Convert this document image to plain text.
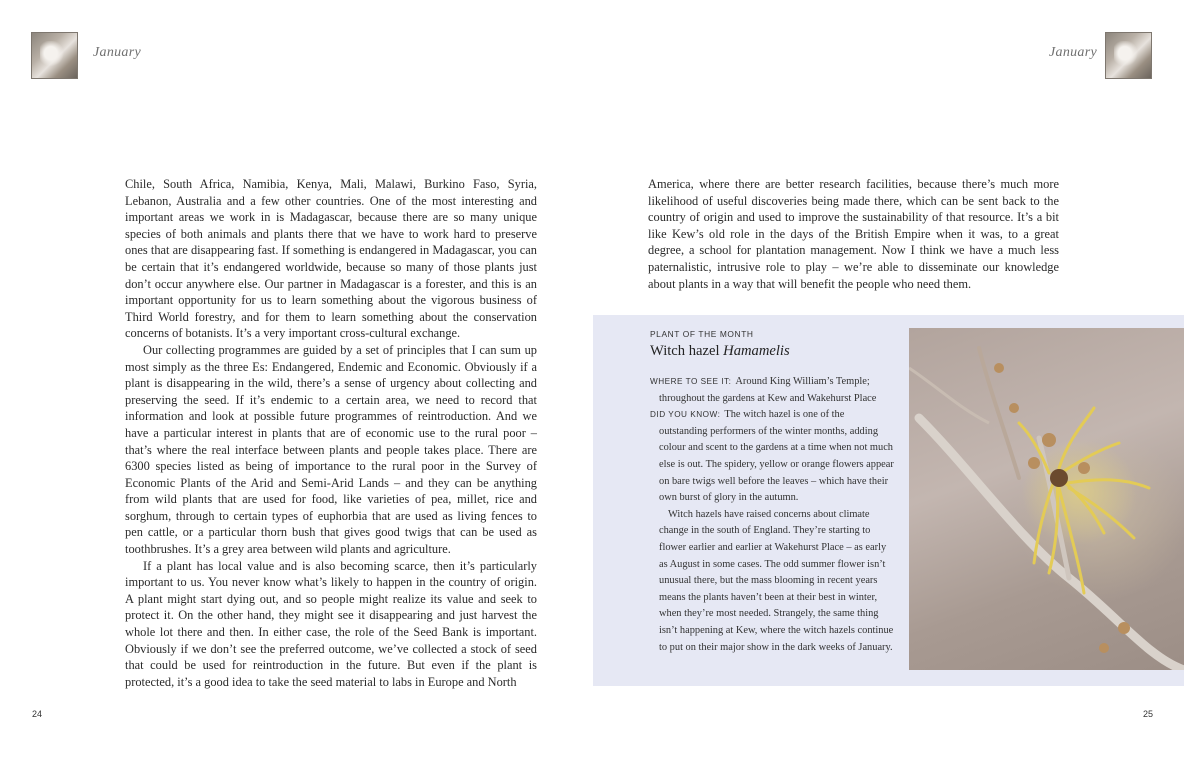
January

Chile, South Africa, Namibia, Kenya, Mali, Malawi, Burkino Faso, Syria, Lebanon, Australia and a few other countries. One of the most interesting and important areas we work in is Madagascar, because there are so many unique species of both animals and plants there that we have to work hard to preserve ones that are disappearing fast. If something is endangered in Madagascar, you can be certain that it’s endangered worldwide, because so many of those plants just don’t occur anywhere else. Our partner in Madagascar is a forester, and this is an important opportunity for us to learn something about the vigorous business of Third World forestry, and for them to learn something about the conservation concerns of botanists. It’s a very important cross-cultural exchange.

Our collecting programmes are guided by a set of principles that I can sum up most simply as the three Es: Endangered, Endemic and Economic. Obviously if a plant is disappearing in the wild, there’s a sense of urgency about collecting and preserving the seed. If it’s endemic to a certain area, we need to record that information and look at possible future programmes of reintroduction. And we have a particular interest in plants that are of economic use to the rural poor – that’s where the real interface between plants and people takes place. There are 6300 species listed as being of importance to the rural poor in the Survey of Economic Plants of the Arid and Semi-Arid Lands – and they can be anything from wild plants that are used for food, like varieties of pea, millet, rice and sorghum, through to certain types of euphorbia that are used as living fences to pen cattle, or a particular thorn bush that gives good twigs that can be used as toothbrushes. It’s a grey area between wild plants and agriculture.

If a plant has local value and is also becoming scarce, then it’s particularly important to us. You never know what’s likely to happen in the country of origin. A plant might start dying out, and so people might realize its value and seek to protect it. On the other hand, they might see it disappearing and just harvest the whole lot there and then. In either case, the role of the Seed Bank is important. Obviously if we don’t see the preferred outcome, we’ve collected a stock of seed that could be used for reintroduction in the future. But even if the plant is protected, it’s a good idea to take the seed material to labs in Europe and North

24
January

America, where there are better research facilities, because there’s much more likelihood of useful discoveries being made there, which can be sent back to the country of origin and used to improve the sustainability of that resource. It’s a bit like Kew’s old role in the days of the British Empire when it was, to a great degree, a school for plantation management. Now I think we have a much less paternalistic, intrusive role to play – we’re able to disseminate our knowledge about plants in a way that will benefit the people who need them.

PLANT OF THE MONTH

Witch hazel Hamamelis

WHERE TO SEE IT: Around King William’s Temple; throughout the gardens at Kew and Wakehurst Place

DID YOU KNOW: The witch hazel is one of the outstanding performers of the winter months, adding colour and scent to the gardens at a time when not much else is out. The spidery, yellow or orange flowers appear on bare twigs well before the leaves – which have their own burst of glory in the autumn.

Witch hazels have raised concerns about climate change in the south of England. They’re starting to flower earlier and earlier at Wakehurst Place – as early as August in some cases. The odd summer flower isn’t unusual there, but the mass blooming in recent years means the plants haven’t been at their best in winter, when they’re most needed. Strangely, the same thing isn’t happening at Kew, where the witch hazels continue to put on their major show in the dark weeks of January.

25
